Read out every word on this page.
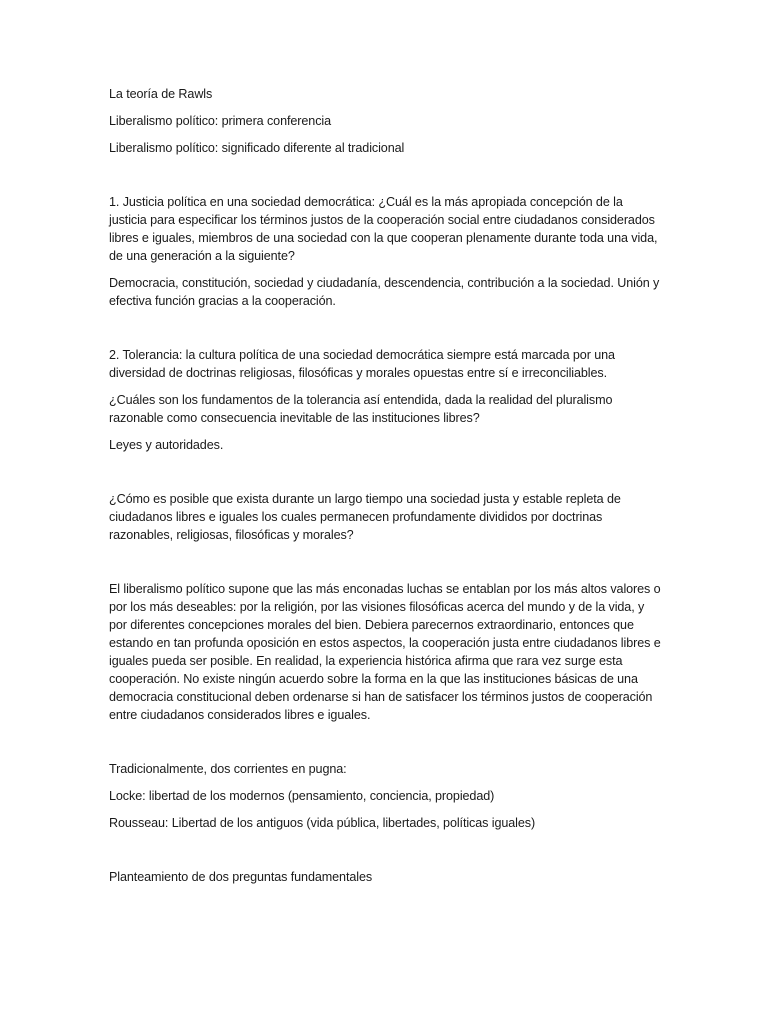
La teoría de Rawls

Liberalismo político: primera conferencia

Liberalismo político: significado diferente al tradicional

1. Justicia política en una sociedad democrática: ¿Cuál es la más apropiada concepción de la justicia para especificar los términos justos de la cooperación social entre ciudadanos considerados libres e iguales, miembros de una sociedad con la que cooperan plenamente durante toda una vida, de una generación a la siguiente?

Democracia, constitución, sociedad y ciudadanía, descendencia, contribución a la sociedad. Unión y efectiva función gracias a la cooperación.

2. Tolerancia: la cultura política de una sociedad democrática siempre está marcada por una diversidad de doctrinas religiosas, filosóficas y morales opuestas entre sí e irreconciliables.

¿Cuáles son los fundamentos de la tolerancia así entendida, dada la realidad del pluralismo razonable como consecuencia inevitable de las instituciones libres?

Leyes y autoridades.

¿Cómo es posible que exista durante un largo tiempo una sociedad justa y estable repleta de ciudadanos libres e iguales los cuales permanecen profundamente divididos por doctrinas razonables, religiosas, filosóficas y morales?

El liberalismo político supone que las más enconadas luchas se entablan por los más altos valores o por los más deseables: por la religión, por las visiones filosóficas acerca del mundo y de la vida, y por diferentes concepciones morales del bien. Debiera parecernos extraordinario, entonces que estando en tan profunda oposición en estos aspectos, la cooperación justa entre ciudadanos libres e iguales pueda ser posible. En realidad, la experiencia histórica afirma que rara vez surge esta cooperación. No existe ningún acuerdo sobre la forma en la que las instituciones básicas de una democracia constitucional deben ordenarse si han de satisfacer los términos justos de cooperación entre ciudadanos considerados libres e iguales.

Tradicionalmente, dos corrientes en pugna:

Locke: libertad de los modernos (pensamiento, conciencia, propiedad)

Rousseau: Libertad de los antiguos (vida pública, libertades, políticas iguales)

Planteamiento de dos preguntas fundamentales
